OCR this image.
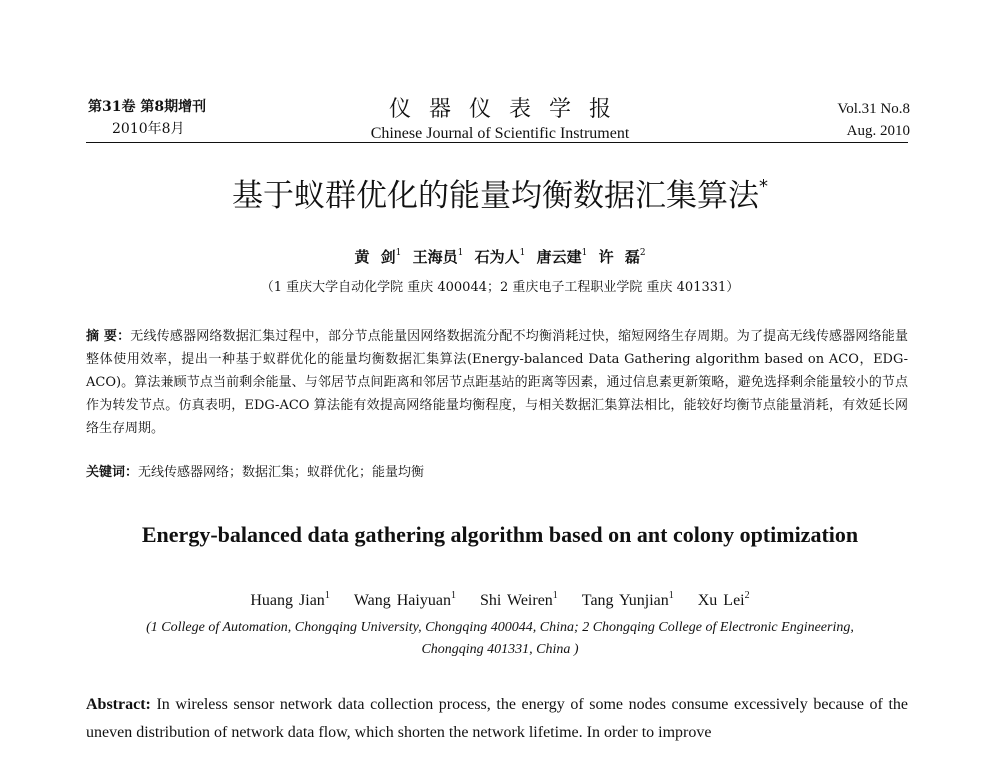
第31卷 第8期增刊
2010年8月
仪器仪表学报
Chinese Journal of Scientific Instrument
Vol.31 No.8
Aug. 2010
基于蚁群优化的能量均衡数据汇集算法*
黄 剑$^1$ 王海员$^1$ 石为人$^1$ 唐云建$^1$ 许 磊$^2$
（1 重庆大学自动化学院 重庆 400044；2 重庆电子工程职业学院 重庆 401331）
摘 要：无线传感器网络数据汇集过程中，部分节点能量因网络数据流分配不均衡消耗过快，缩短网络生存周期。为了提高无线传感器网络能量整体使用效率，提出一种基于蚁群优化的能量均衡数据汇集算法(Energy-balanced Data Gathering algorithm based on ACO，EDG-ACO)。算法兼顾节点当前剩余能量、与邻居节点间距离和邻居节点距基站的距离等因素，通过信息素更新策略，避免选择剩余能量较小的节点作为转发节点。仿真表明，EDG-ACO 算法能有效提高网络能量均衡程度，与相关数据汇集算法相比，能较好均衡节点能量消耗，有效延长网络生存周期。
关键词：无线传感器网络；数据汇集；蚁群优化；能量均衡
Energy-balanced data gathering algorithm based on ant colony optimization
Huang Jian$^1$ Wang Haiyuan$^1$ Shi Weiren$^1$ Tang Yunjian$^1$ Xu Lei$^2$
(1 College of Automation, Chongqing University, Chongqing 400044, China; 2 Chongqing College of Electronic Engineering,
Chongqing 401331, China )
Abstract: In wireless sensor network data collection process, the energy of some nodes consume excessively because of the uneven distribution of network data flow, which shorten the network lifetime. In order to improve
